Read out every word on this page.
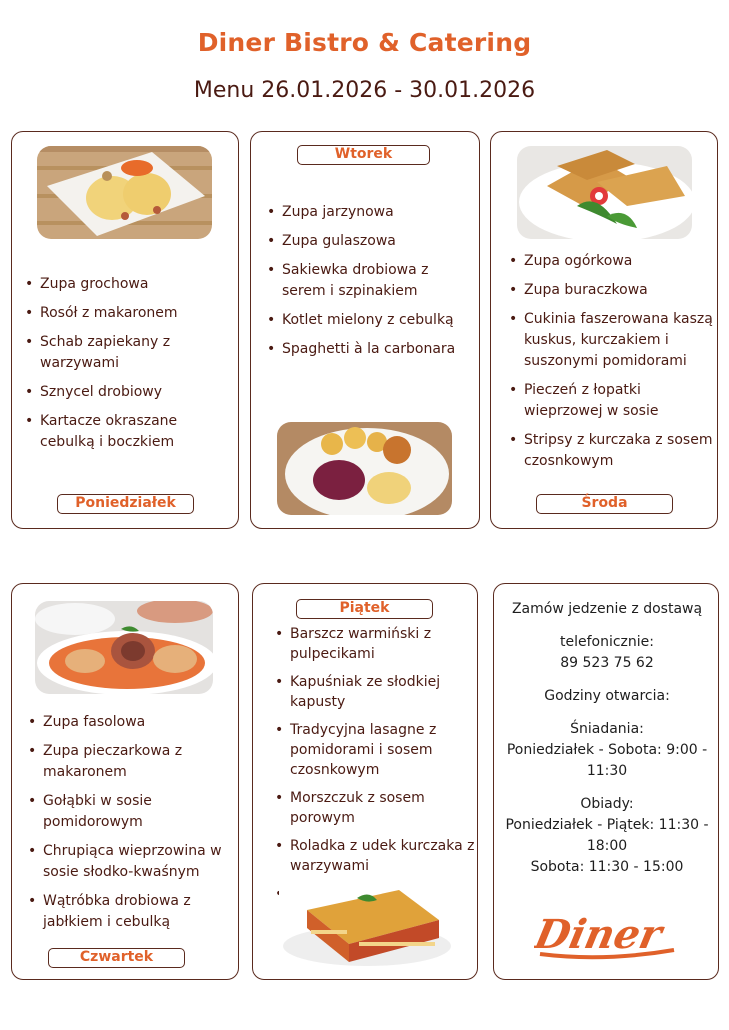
Diner Bistro & Catering
Menu 26.01.2026 - 30.01.2026
• Zupa grochowa
• Rosół z makaronem
• Schab zapiekany z warzywami
• Sznycel drobiowy
• Kartacze okraszane cebulką i boczkiem
Poniedziałek
Wtorek
• Zupa jarzynowa
• Zupa gulaszowa
• Sakiewka drobiowa z serem i szpinakiem
• Kotlet mielony z cebulką
• Spaghetti à la carbonara
• Zupa ogórkowa
• Zupa buraczkowa
• Cukinia faszerowana kaszą kuskus, kurczakiem i suszonymi pomidorami
• Pieczeń z łopatki wieprzowej w sosie
• Stripsy z kurczaka z sosem czosnkowym
Środa
• Zupa fasolowa
• Zupa pieczarkowa z makaronem
• Gołąbki w sosie pomidorowym
• Chrupiąca wieprzowina w sosie słodko-kwaśnym
• Wątróbka drobiowa z jabłkiem i cebulką
Czwartek
Piątek
• Barszcz warmiński z pulpecikami
• Kapuśniak ze słodkiej kapusty
• Tradycyjna lasagne z pomidorami i sosem czosnkowym
• Morszczuk z sosem porowym
• Roladka z udek kurczaka z warzywami
•
Zamów jedzenie z dostawą
telefonicznie:
89 523 75 62
Godziny otwarcia:
Śniadania:
Poniedziałek - Sobota: 9:00 -
11:30
Obiady:
Poniedziałek - Piątek: 11:30 -
18:00
Sobota: 11:30 - 15:00
Diner
